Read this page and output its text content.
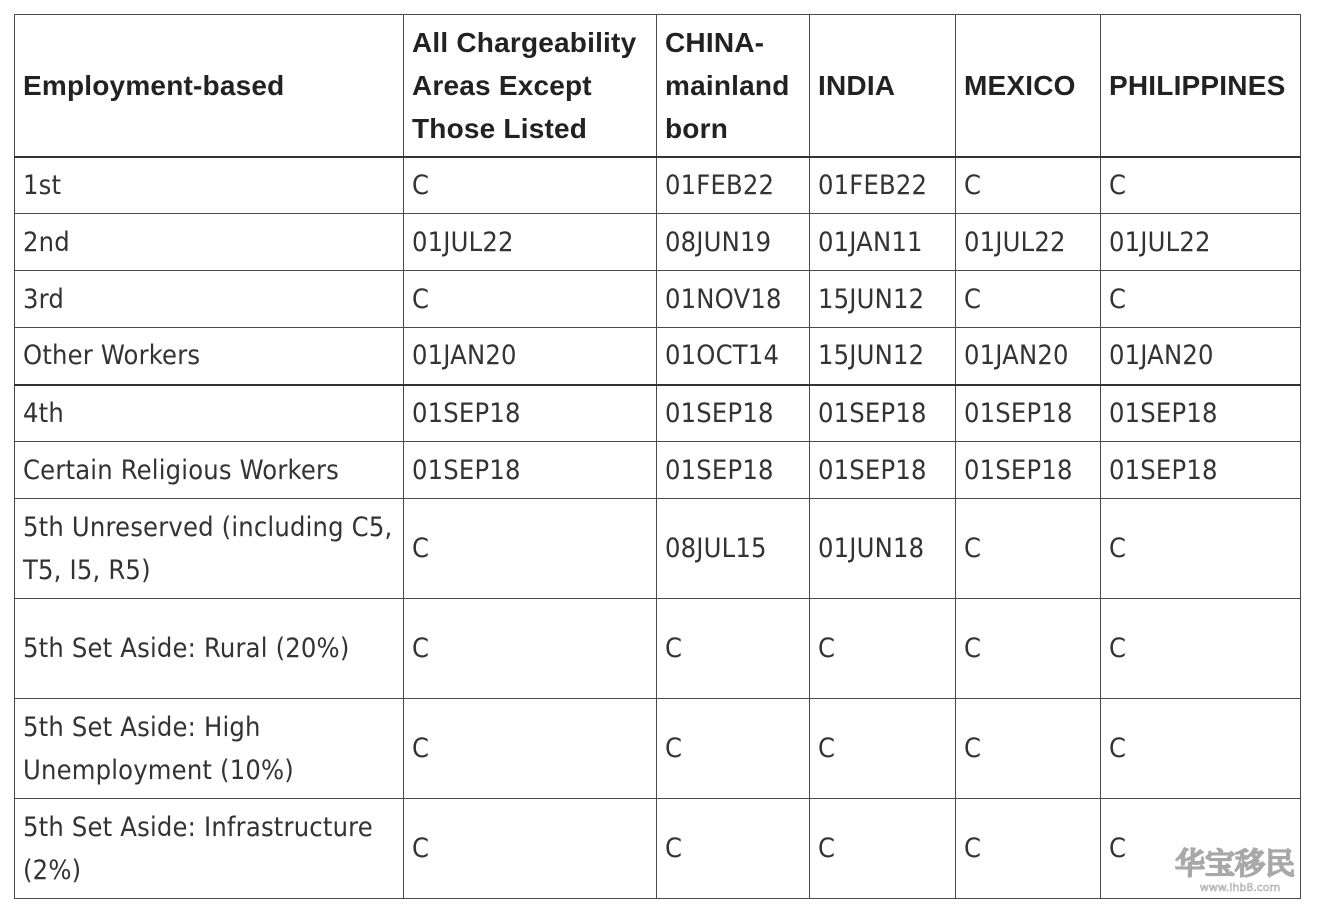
Employment-based	All Chargeability Areas Except Those Listed	CHINA-mainland born	INDIA	MEXICO	PHILIPPINES
1st	C	01FEB22	01FEB22	C	C
2nd	01JUL22	08JUN19	01JAN11	01JUL22	01JUL22
3rd	C	01NOV18	15JUN12	C	C
Other Workers	01JAN20	01OCT14	15JUN12	01JAN20	01JAN20
4th	01SEP18	01SEP18	01SEP18	01SEP18	01SEP18
Certain Religious Workers	01SEP18	01SEP18	01SEP18	01SEP18	01SEP18
5th Unreserved (including C5, T5, I5, R5)	C	08JUL15	01JUN18	C	C
5th Set Aside: Rural (20%)	C	C	C	C	C
5th Set Aside: High Unemployment (10%)	C	C	C	C	C
5th Set Aside: Infrastructure (2%)	C	C	C	C	C 华宝移民
www.ihb8.com
